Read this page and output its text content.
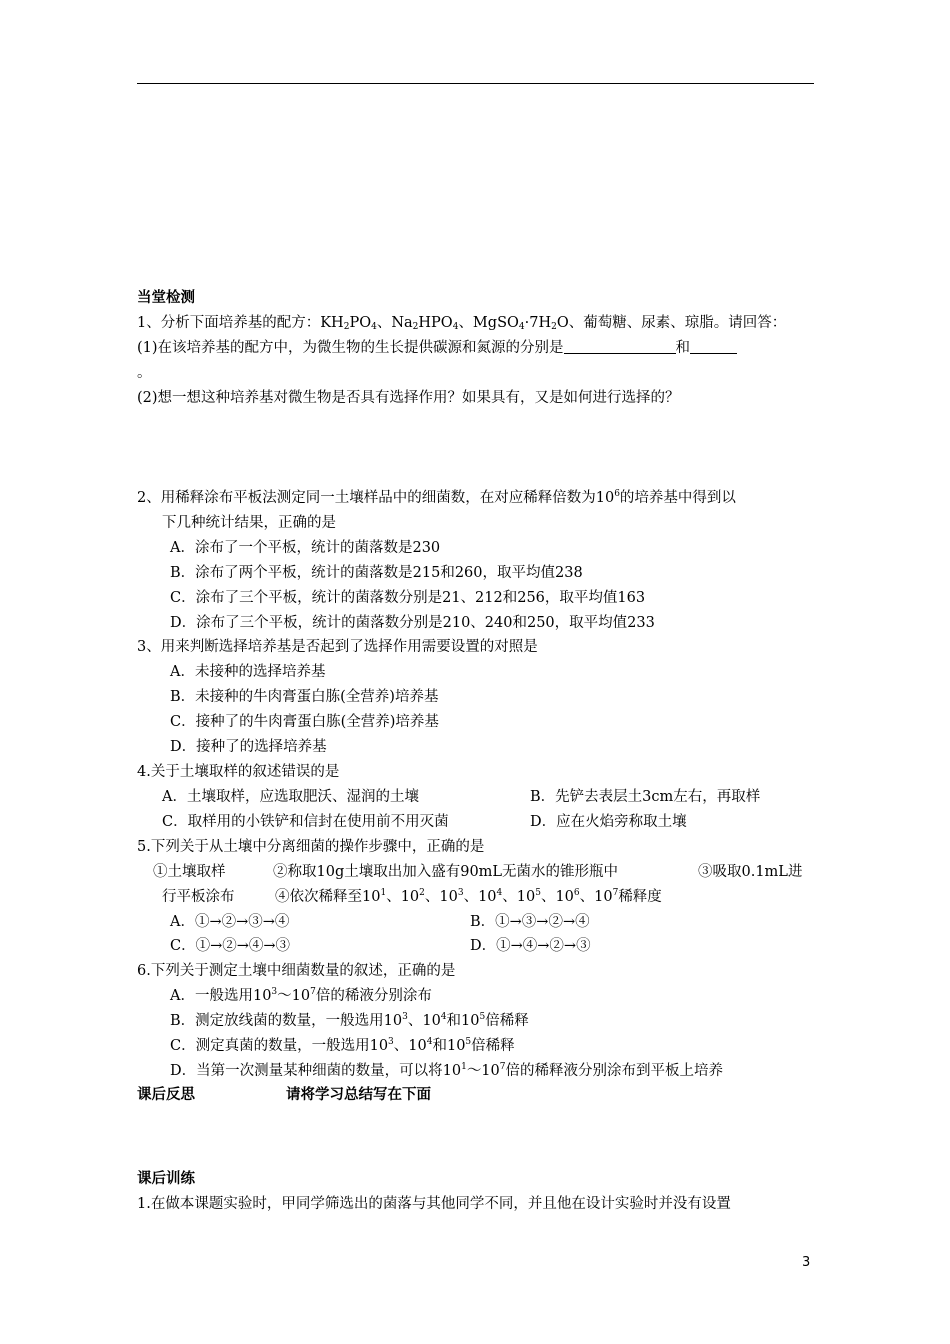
当堂检测
1、分析下面培养基的配方：$KH_2PO_4$、$Na_2HPO_4$、$MgSO_4\cdot 7H_2O$、葡萄糖、尿素、琼脂。请回答：
(1)在该培养基的配方中，为微生物的生长提供碳源和氮源的分别是	和
。
(2)想一想这种培养基对微生物是否具有选择作用？如果具有，又是如何进行选择的？
2、用稀释涂布平板法测定同一土壤样品中的细菌数，在对应稀释倍数为$10^6$的培养基中得到以
下几种统计结果，正确的是
A．涂布了一个平板，统计的菌落数是230
B．涂布了两个平板，统计的菌落数是215和260，取平均值238
C．涂布了三个平板，统计的菌落数分别是21、212和256，取平均值163
D．涂布了三个平板，统计的菌落数分别是210、240和250，取平均值233
3、用来判断选择培养基是否起到了选择作用需要设置的对照是
A．未接种的选择培养基
B．未接种的牛肉膏蛋白胨(全营养)培养基
C．接种了的牛肉膏蛋白胨(全营养)培养基
D．接种了的选择培养基
4.关于土壤取样的叙述错误的是
A．土壤取样，应选取肥沃、湿润的土壤	B．先铲去表层土3cm左右，再取样
C．取样用的小铁铲和信封在使用前不用灭菌	D．应在火焰旁称取土壤
5.下列关于从土壤中分离细菌的操作步骤中，正确的是
①土壤取样	②称取10g土壤取出加入盛有90mL无菌水的锥形瓶中	③吸取0.1mL进
行平板涂布	④依次稀释至$10^1$、$10^2$、$10^3$、$10^4$、$10^5$、$10^6$、$10^7$稀释度
A．①→②→③→④	B．①→③→②→④
C．①→②→④→③	D．①→④→②→③
6.下列关于测定土壤中细菌数量的叙述，正确的是
A．一般选用$10^3\sim 10^7$倍的稀液分别涂布
B．测定放线菌的数量，一般选用$10^3$、$10^4$和$10^5$倍稀释
C．测定真菌的数量，一般选用$10^3$、$10^4$和$10^5$倍稀释
D．当第一次测量某种细菌的数量，可以将$10^1\sim 10^7$倍的稀释液分别涂布到平板上培养
课后反思	请将学习总结写在下面
课后训练
1.在做本课题实验时，甲同学筛选出的菌落与其他同学不同，并且他在设计实验时并没有设置
3
